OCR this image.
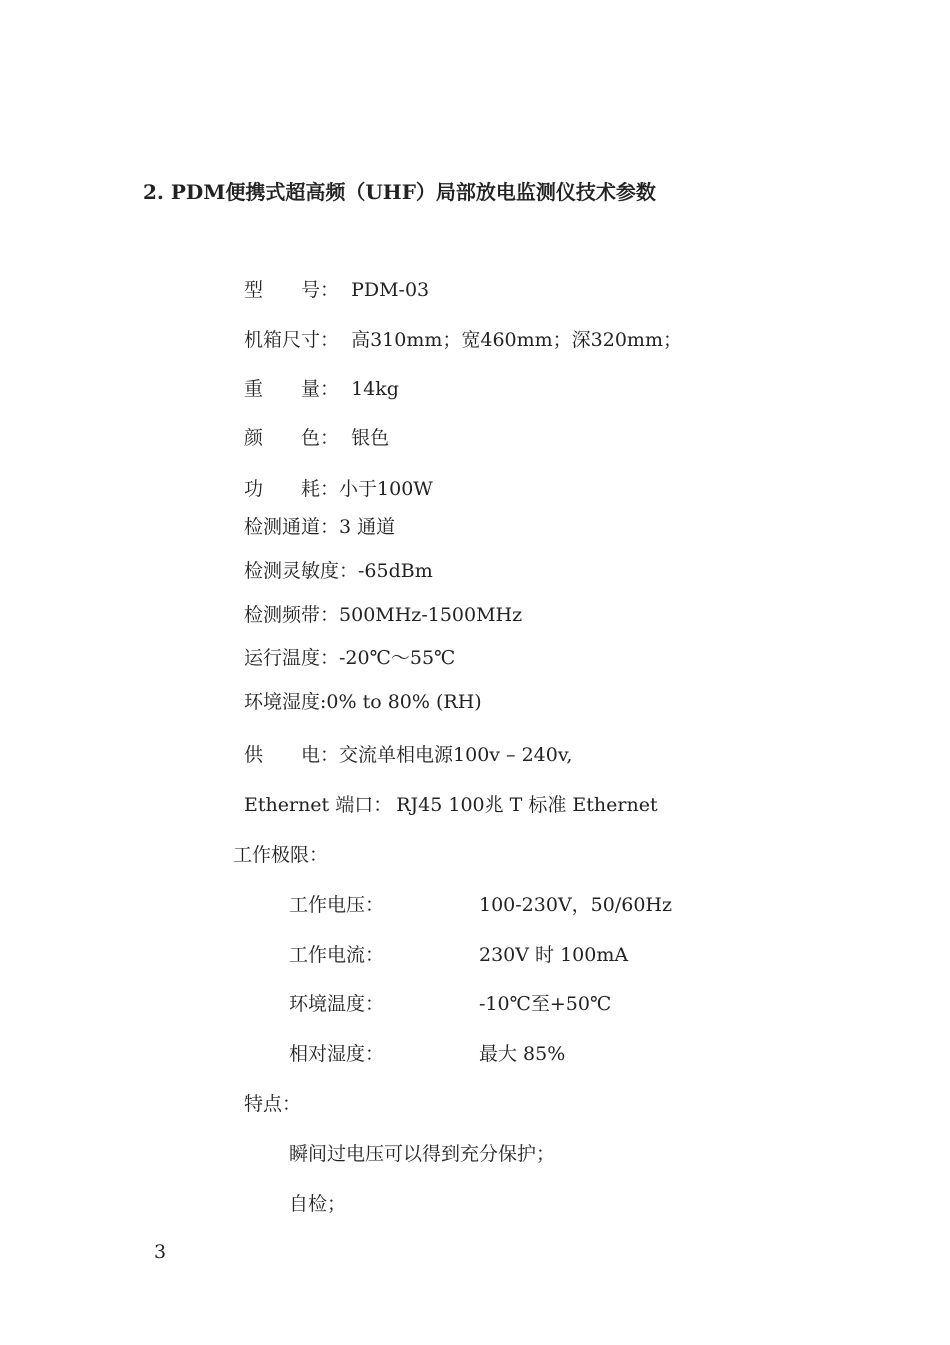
2. PDM便携式超高频（UHF）局部放电监测仪技术参数
型　　号： PDM-03
机箱尺寸： 高310mm；宽460mm；深320mm；
重　　量： 14kg
颜　　色： 银色
功　　耗：小于100W
检测通道：3 通道
检测灵敏度：-65dBm
检测频带：500MHz-1500MHz
运行温度：-20℃～55℃
环境湿度:0% to 80% (RH)
供　　电：交流单相电源100v – 240v,
Ethernet 端口：RJ45 100兆 T 标准 Ethernet
工作极限：
工作电压：	100-230V，50/60Hz
工作电流：	230V 时 100mA
环境温度：	-10℃至+50℃
相对湿度：	最大 85%
特点：
瞬间过电压可以得到充分保护；
自检；
3
